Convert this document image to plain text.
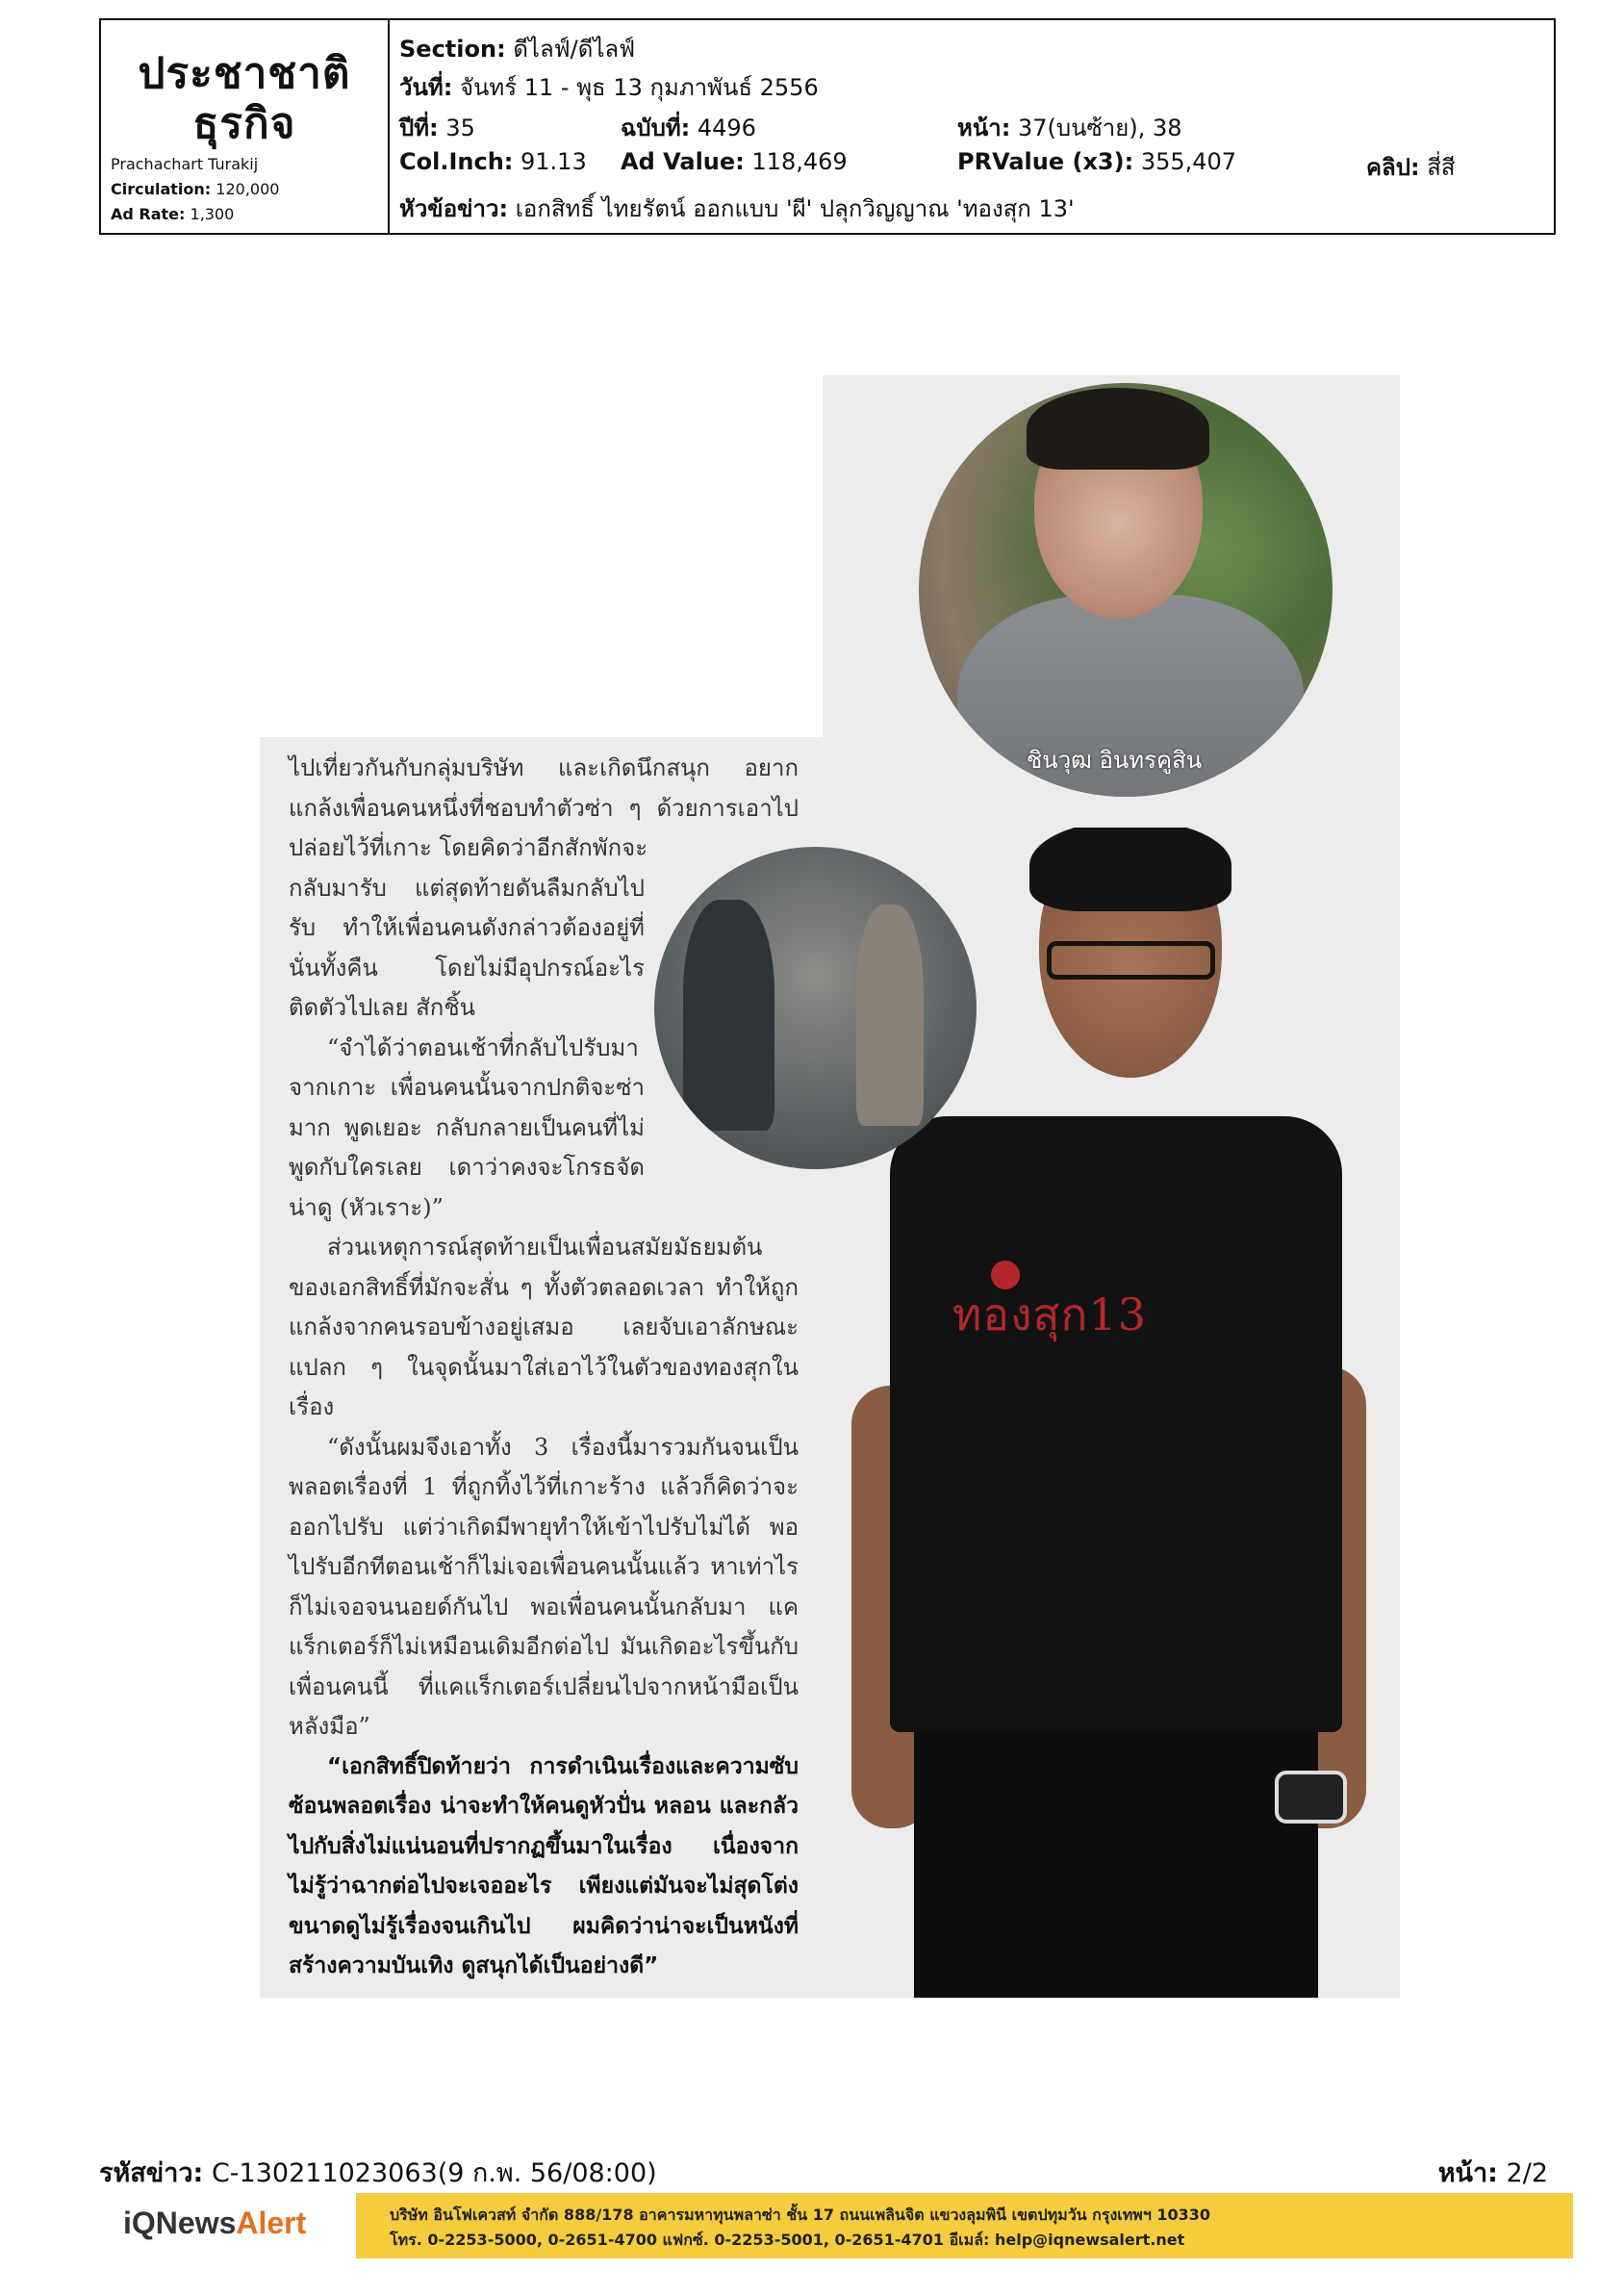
ประชาชาติ
ธุรกิจ
Prachachart Turakij
Circulation: 120,000
Ad Rate: 1,300
Section: ดีไลฟ์/ดีไลฟ์
วันที่: จันทร์ 11 - พุธ 13 กุมภาพันธ์ 2556
ปีที่: 35	ฉบับที่: 4496	หน้า: 37(บนซ้าย), 38
Col.Inch: 91.13 Ad Value: 118,469	PRValue (x3): 355,407	คลิป: สี่สี
หัวข้อข่าว: เอกสิทธิ์ ไทยรัตน์ ออกแบบ 'ผี' ปลุกวิญญาณ 'ทองสุก 13'
ชินวุฒ อินทรคูสิน
ทองสุก13

ไปเที่ยวกันกับกลุ่มบริษัท และเกิดนึกสนุก อยากแกล้งเพื่อนคนหนึ่งที่ชอบทำตัวซ่า ๆ ด้วยการเอาไปปล่อยไว้ที่เกาะ โดยคิดว่าอีกสักพักจะ

กลับมารับ แต่สุดท้ายดันลืมกลับไปรับ ทำให้เพื่อนคนดังกล่าวต้องอยู่ที่นั่นทั้งคืน โดยไม่มีอุปกรณ์อะไรติดตัวไปเลย สักชิ้น

“จำได้ว่าตอนเช้าที่กลับไปรับมาจากเกาะ เพื่อนคนนั้นจากปกติจะซ่ามาก พูดเยอะ กลับกลายเป็นคนที่ไม่พูดกับใครเลย เดาว่าคงจะโกรธจัดน่าดู (หัวเราะ)”

ส่วนเหตุการณ์สุดท้ายเป็นเพื่อนสมัยมัธยมต้นของเอกสิทธิ์ที่มักจะสั่น ๆ ทั้งตัวตลอดเวลา ทำให้ถูกแกล้งจากคนรอบข้างอยู่เสมอ เลยจับเอาลักษณะแปลก ๆ ในจุดนั้นมาใส่เอาไว้ในตัวของทองสุกในเรื่อง

“ดังนั้นผมจึงเอาทั้ง 3 เรื่องนี้มารวมกันจนเป็นพลอตเรื่องที่ 1 ที่ถูกทิ้งไว้ที่เกาะร้าง แล้วก็คิดว่าจะออกไปรับ แต่ว่าเกิดมีพายุทำให้เข้าไปรับไม่ได้ พอไปรับอีกทีตอนเช้าก็ไม่เจอเพื่อนคนนั้นแล้ว หาเท่าไรก็ไม่เจอจนนอยด์กันไป พอเพื่อนคนนั้นกลับมา แคแร็กเตอร์ก็ไม่เหมือนเดิมอีกต่อไป มันเกิดอะไรขึ้นกับเพื่อนคนนี้ ที่แคแร็กเตอร์เปลี่ยนไปจากหน้ามือเป็นหลังมือ”

“เอกสิทธิ์ปิดท้ายว่า การดำเนินเรื่องและความซับซ้อนพลอตเรื่อง น่าจะทำให้คนดูหัวปั่น หลอน และกลัวไปกับสิ่งไม่แน่นอนที่ปรากฏขึ้นมาในเรื่อง เนื่องจากไม่รู้ว่าฉากต่อไปจะเจออะไร เพียงแต่มันจะไม่สุดโต่งขนาดดูไม่รู้เรื่องจนเกินไป ผมคิดว่าน่าจะเป็นหนังที่สร้างความบันเทิง ดูสนุกได้เป็นอย่างดี”

รหัสข่าว: C-130211023063(9 ก.พ. 56/08:00)	หน้า: 2/2
iQNewsAlert	บริษัท อินโฟเควสท์ จำกัด 888/178 อาคารมหาทุนพลาซ่า ชั้น 17 ถนนเพลินจิต แขวงลุมพินี เขตปทุมวัน กรุงเทพฯ 10330
โทร. 0-2253-5000, 0-2651-4700 แฟกซ์. 0-2253-5001, 0-2651-4701 อีเมล์: help@iqnewsalert.net
